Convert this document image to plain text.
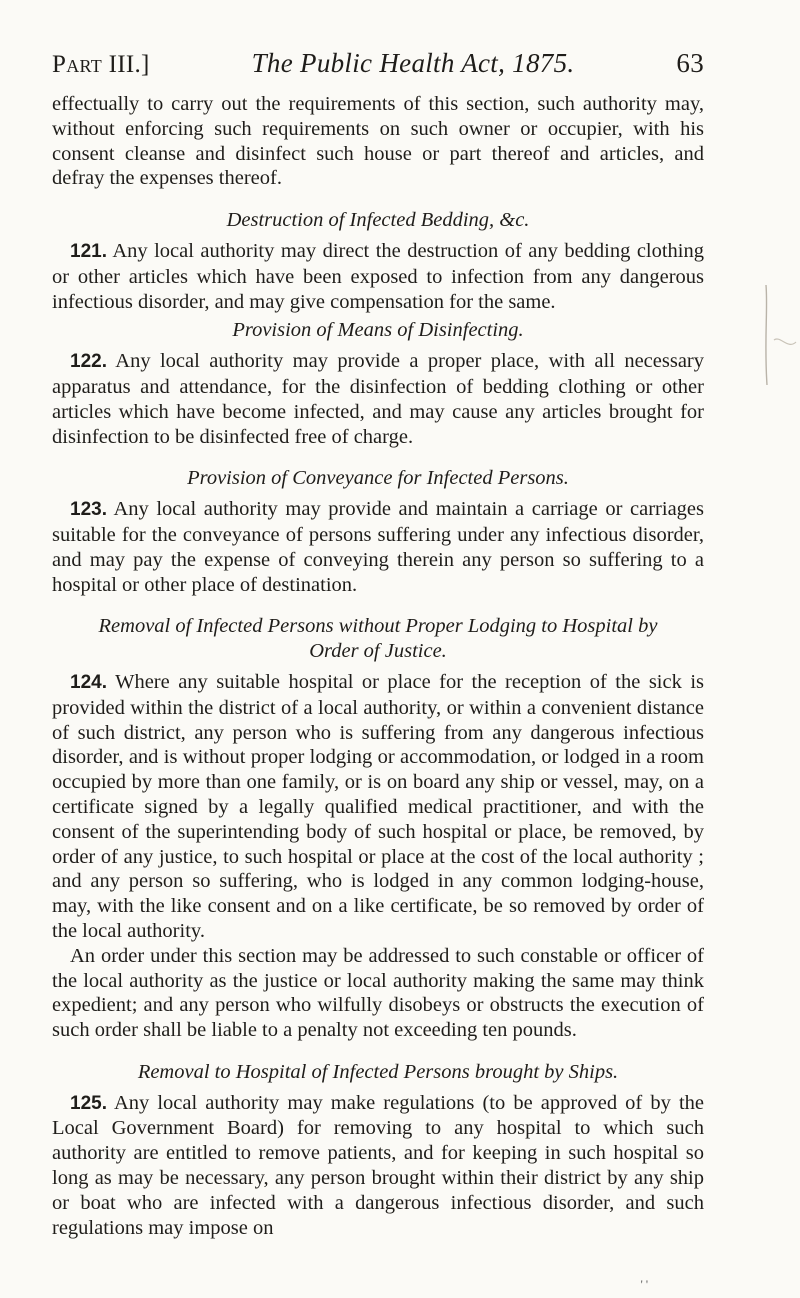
Part III.]	The Public Health Act, 1875.	63

effectually to carry out the requirements of this section, such authority may, without enforcing such requirements on such owner or occupier, with his consent cleanse and disinfect such house or part thereof and articles, and defray the expenses thereof.

Destruction of Infected Bedding, &c.

121. Any local authority may direct the destruction of any bedding clothing or other articles which have been exposed to infection from any dangerous infectious disorder, and may give compensation for the same.

Provision of Means of Disinfecting.

122. Any local authority may provide a proper place, with all necessary apparatus and attendance, for the disinfection of bedding clothing or other articles which have become infected, and may cause any articles brought for disinfection to be disinfected free of charge.

Provision of Conveyance for Infected Persons.

123. Any local authority may provide and maintain a carriage or carriages suitable for the conveyance of persons suffering under any infectious disorder, and may pay the expense of conveying therein any person so suffering to a hospital or other place of destination.

Removal of Infected Persons without Proper Lodging to Hospital by Order of Justice.

124. Where any suitable hospital or place for the reception of the sick is provided within the district of a local authority, or within a convenient distance of such district, any person who is suffering from any dangerous infectious disorder, and is without proper lodging or accommodation, or lodged in a room occupied by more than one family, or is on board any ship or vessel, may, on a certificate signed by a legally qualified medical practitioner, and with the consent of the superintending body of such hospital or place, be removed, by order of any justice, to such hospital or place at the cost of the local authority ; and any person so suffering, who is lodged in any common lodging-house, may, with the like consent and on a like certificate, be so removed by order of the local authority.

An order under this section may be addressed to such constable or officer of the local authority as the justice or local authority making the same may think expedient; and any person who wilfully disobeys or obstructs the execution of such order shall be liable to a penalty not exceeding ten pounds.

Removal to Hospital of Infected Persons brought by Ships.

125. Any local authority may make regulations (to be approved of by the Local Government Board) for removing to any hospital to which such authority are entitled to remove patients, and for keeping in such hospital so long as may be necessary, any person brought within their district by any ship or boat who are infected with a dangerous infectious disorder, and such regulations may impose on

' '
